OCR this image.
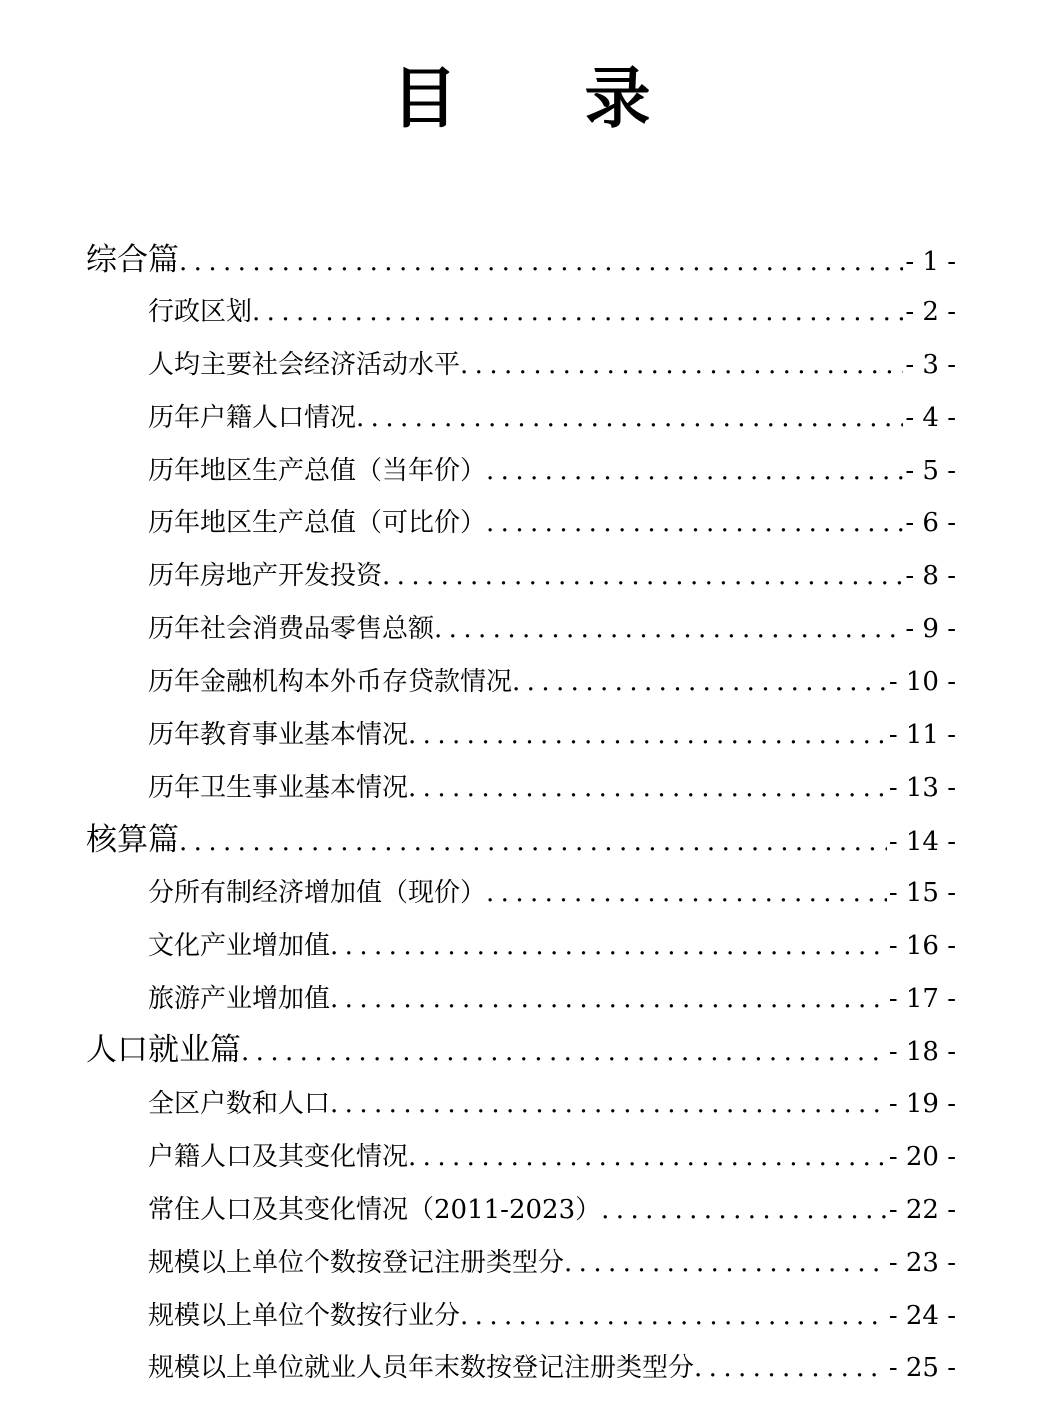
目 录
综合篇 .....	- 1 -
行政区划 .....	- 2 -
人均主要社会经济活动水平 .....	- 3 -
历年户籍人口情况 .....	- 4 -
历年地区生产总值（当年价） .....	- 5 -
历年地区生产总值（可比价） .....	- 6 -
历年房地产开发投资 .....	- 8 -
历年社会消费品零售总额 .....	- 9 -
历年金融机构本外币存贷款情况 .....	- 10 -
历年教育事业基本情况 .....	- 11 -
历年卫生事业基本情况 .....	- 13 -
核算篇 .....	- 14 -
分所有制经济增加值（现价） .....	- 15 -
文化产业增加值 .....	- 16 -
旅游产业增加值 .....	- 17 -
人口就业篇 .....	- 18 -
全区户数和人口 .....	- 19 -
户籍人口及其变化情况 .....	- 20 -
常住人口及其变化情况（2011-2023） .....	- 22 -
规模以上单位个数按登记注册类型分 .....	- 23 -
规模以上单位个数按行业分 .....	- 24 -
规模以上单位就业人员年末数按登记注册类型分 .....	- 25 -
